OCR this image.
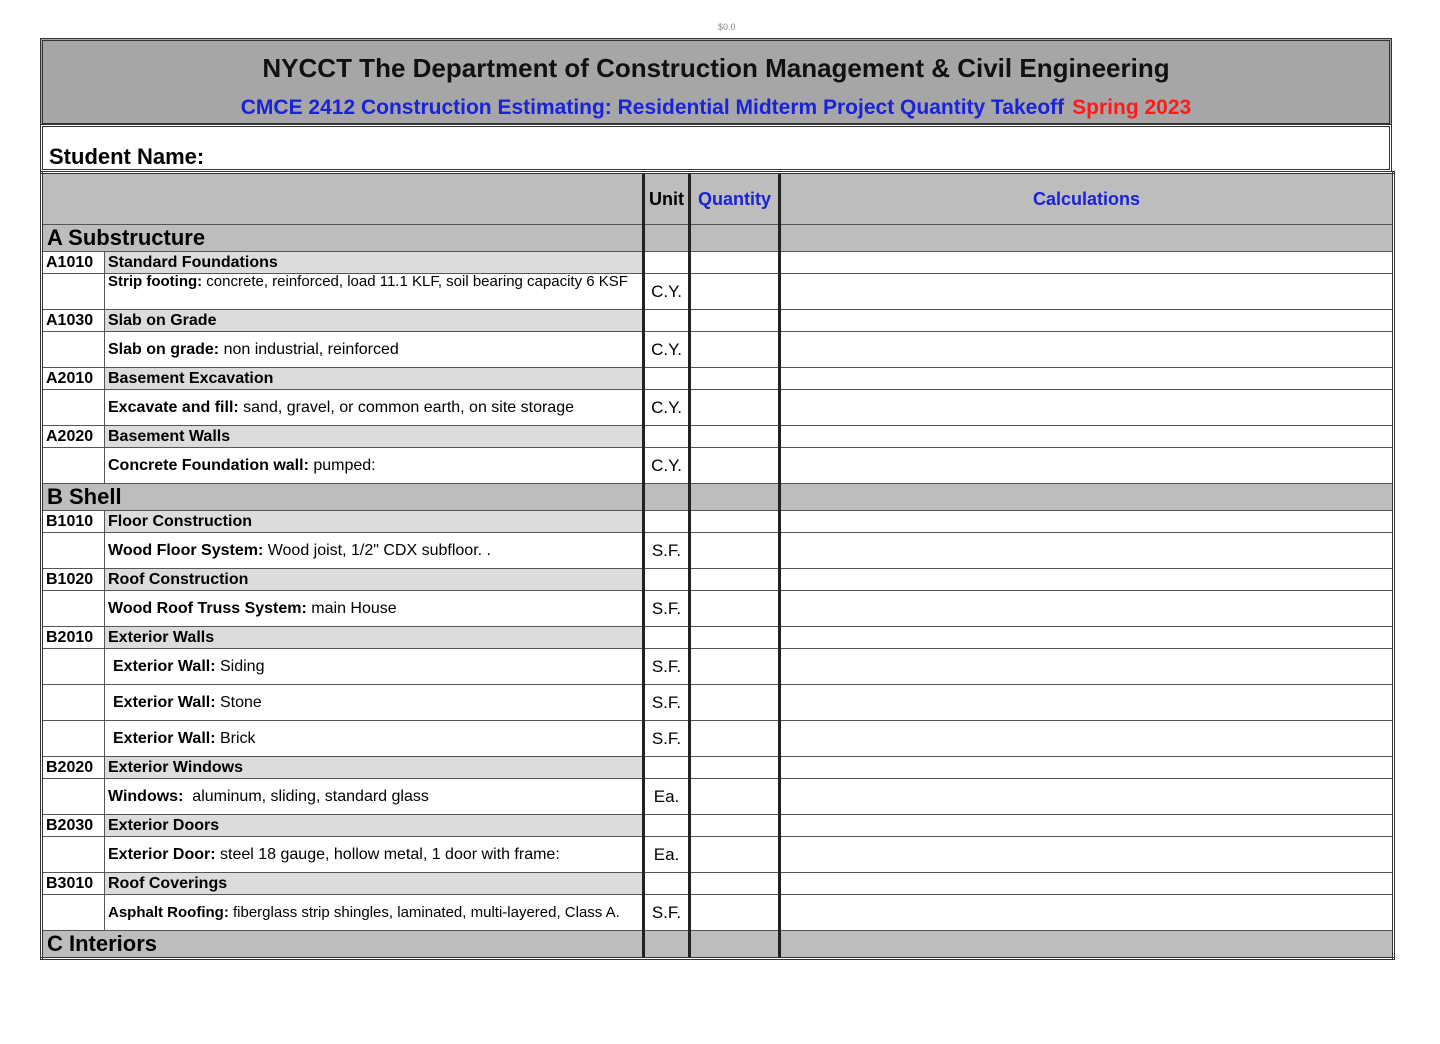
$0.0
NYCCT The Department of Construction Management & Civil Engineering
CMCE 2412 Construction Estimating: Residential Midterm Project Quantity Takeoff Spring 2023
Student Name:
		Unit	Quantity	Calculations
A Substructure				
A1010	Standard Foundations			
	Strip footing: concrete, reinforced, load 11.1 KLF, soil bearing capacity 6 KSF	C.Y.		
A1030	Slab on Grade			
	Slab on grade: non industrial, reinforced	C.Y.		
A2010	Basement Excavation			
	Excavate and fill: sand, gravel, or common earth, on site storage	C.Y.		
A2020	Basement Walls			
	Concrete Foundation wall: pumped:	C.Y.		
B Shell				
B1010	Floor Construction			
	Wood Floor System: Wood joist, 1/2" CDX subfloor. .	S.F.		
B1020	Roof Construction			
	Wood Roof Truss System: main House	S.F.		
B2010	Exterior Walls			
	Exterior Wall: Siding	S.F.		
	Exterior Wall: Stone	S.F.		
	Exterior Wall: Brick	S.F.		
B2020	Exterior Windows			
	Windows:  aluminum, sliding, standard glass	Ea.		
B2030	Exterior Doors			
	Exterior Door: steel 18 gauge, hollow metal, 1 door with frame:	Ea.		
B3010	Roof Coverings			
	Asphalt Roofing: fiberglass strip shingles, laminated, multi-layered, Class A.	S.F.		
C Interiors				
